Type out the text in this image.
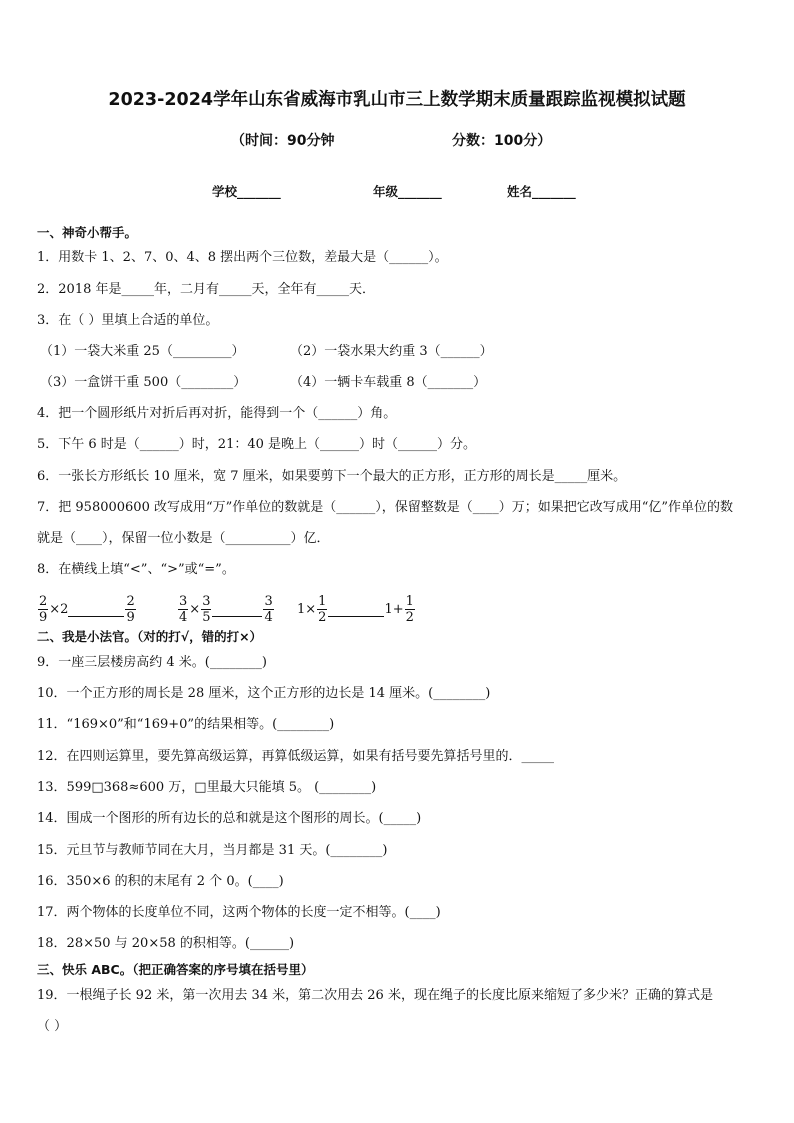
2023-2024学年山东省威海市乳山市三上数学期末质量跟踪监视模拟试题
（时间：90分钟	分数：100分）
学校_______	年级_______	姓名_______
一、神奇小帮手。
1．用数卡 1、2、7、0、4、8 摆出两个三位数，差最大是（______）。
2．2018 年是_____年，二月有_____天，全年有_____天．
3．在（ ）里填上合适的单位。
（1）一袋大米重 25（_________）	（2）一袋水果大约重 3（______）
（3）一盒饼干重 500（________）	（4）一辆卡车载重 8（_______）
4．把一个圆形纸片对折后再对折，能得到一个（______）角。
5．下午 6 时是（______）时，21：40 是晚上（______）时（______）分。
6．一张长方形纸长 10 厘米，宽 7 厘米，如果要剪下一个最大的正方形，正方形的周长是_____厘米。
7．把 958000600 改写成用“万”作单位的数就是（______），保留整数是（____）万；如果把它改写成用“亿”作单位的数
就是（____），保留一位小数是（__________）亿．
8．在横线上填“<”、“>”或“=”。
$\frac{2}{9} \times 2$	$\frac{2}{9}$	$\frac{3}{4} \times \frac{3}{5}$	$\frac{3}{4} 1\times \frac{1}{2}$	$1+ \frac{1}{2}$
二、我是小法官。（对的打√，错的打×）
9．一座三层楼房高约 4 米。(________)
10．一个正方形的周长是 28 厘米，这个正方形的边长是 14 厘米。(________)
11．“169×0”和“169+0”的结果相等。(________)
12．在四则运算里，要先算高级运算，再算低级运算，如果有括号要先算括号里的．_____
13．599□368≈600 万，□里最大只能填 5。 (________)
14．围成一个图形的所有边长的总和就是这个图形的周长。(_____)
15．元旦节与教师节同在大月，当月都是 31 天。(________)
16．350×6 的积的末尾有 2 个 0。(____)
17．两个物体的长度单位不同，这两个物体的长度一定不相等。(____)
18．28×50 与 20×58 的积相等。(______)
三、快乐 ABC。（把正确答案的序号填在括号里）
19．一根绳子长 92 米，第一次用去 34 米，第二次用去 26 米，现在绳子的长度比原来缩短了多少米？正确的算式是
（ ）
